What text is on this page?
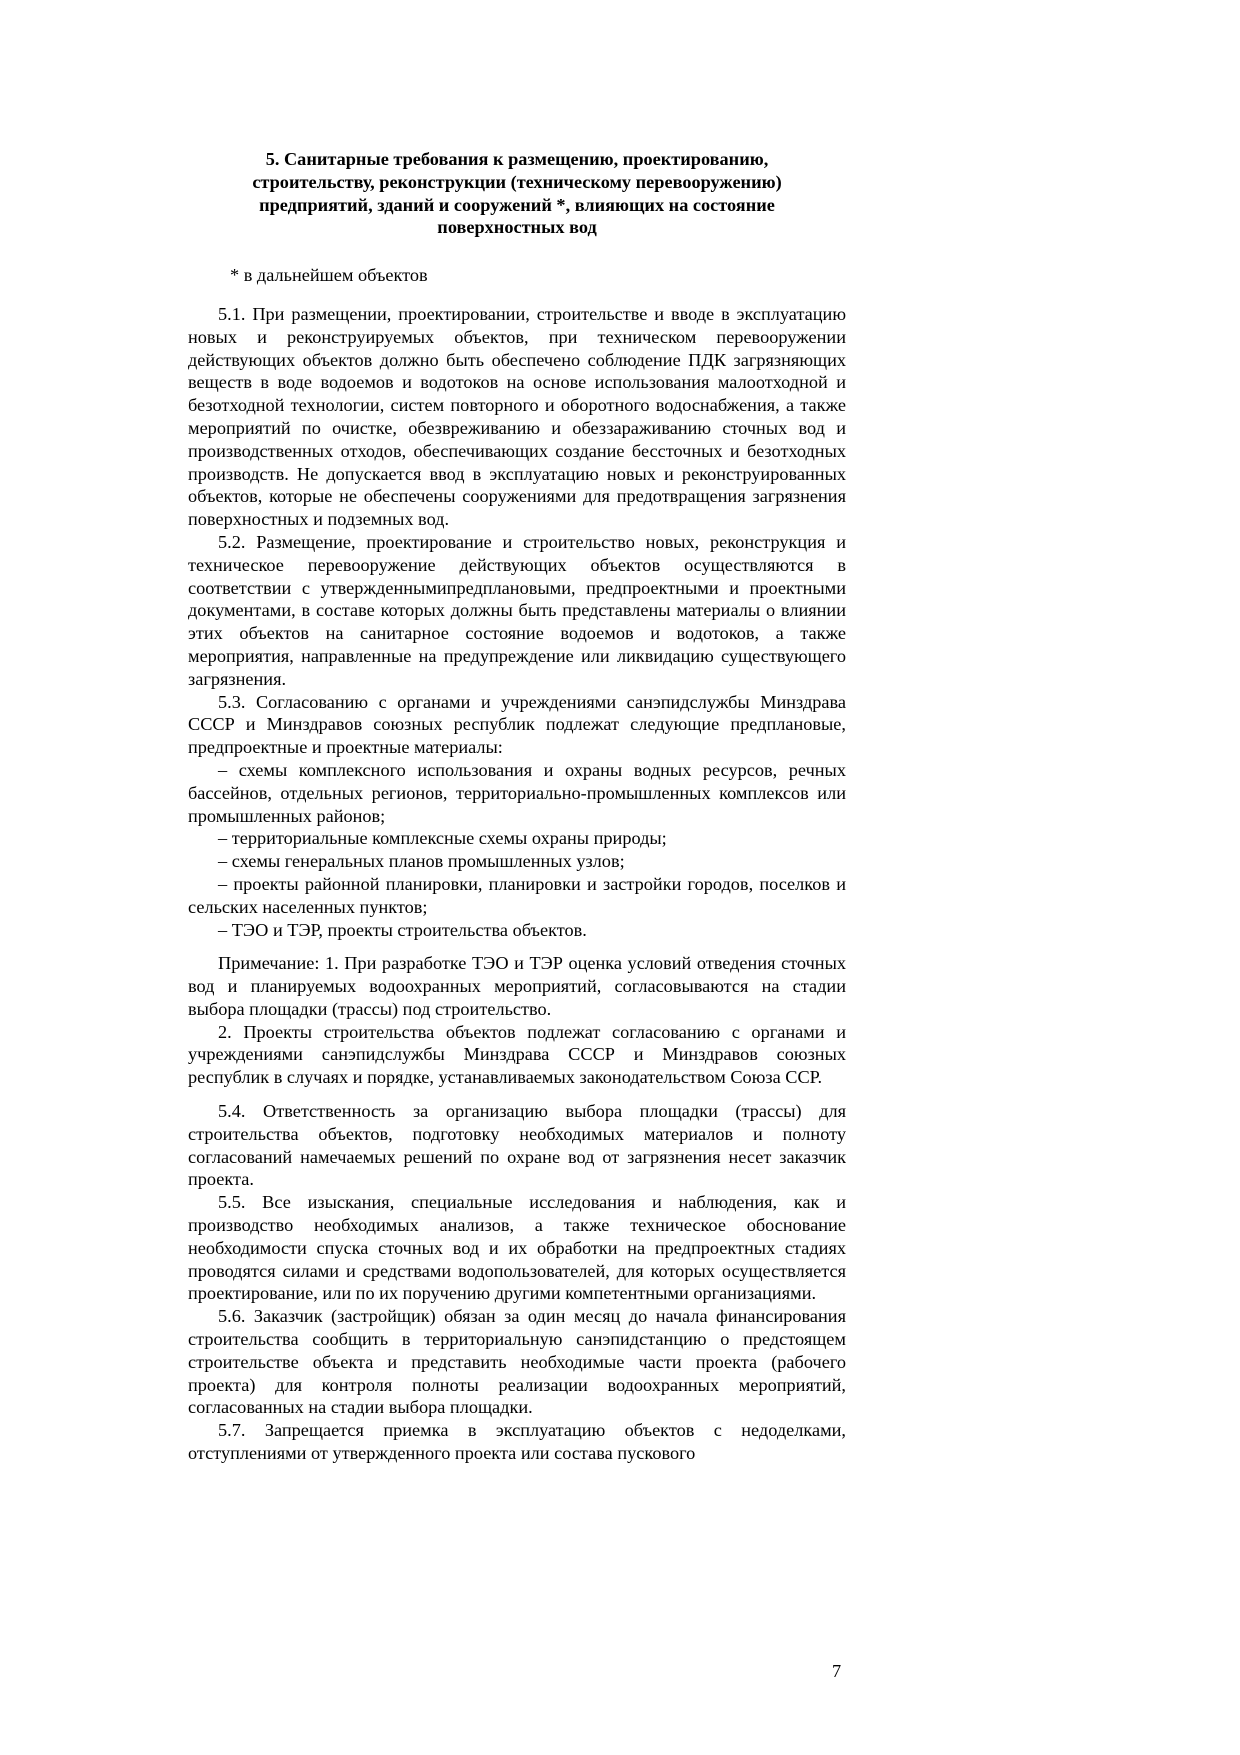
5. Санитарные требования к размещению, проектированию,
строительству, реконструкции (техническому перевооружению)
предприятий, зданий и сооружений *, влияющих на состояние
поверхностных вод

* в дальнейшем объектов

5.1. При размещении, проектировании, строительстве и вводе в эксплуатацию новых и реконструируемых объектов, при техническом перевооружении действующих объектов должно быть обеспечено соблюдение ПДК загрязняющих веществ в воде водоемов и водотоков на основе использования малоотходной и безотходной технологии, систем повторного и оборотного водоснабжения, а также мероприятий по очистке, обезвреживанию и обеззараживанию сточных вод и производственных отходов, обеспечивающих создание бессточных и безотходных производств. Не допускается ввод в эксплуатацию новых и реконструированных объектов, которые не обеспечены сооружениями для предотвращения загрязнения поверхностных и подземных вод.

5.2. Размещение, проектирование и строительство новых, реконструкция и техническое перевооружение действующих объектов осуществляются в соответствии с утвержденнымипредплановыми, предпроектными и проектными документами, в составе которых должны быть представлены материалы о влиянии этих объектов на санитарное состояние водоемов и водотоков, а также мероприятия, направленные на предупреждение или ликвидацию существующего загрязнения.

5.3. Согласованию с органами и учреждениями санэпидслужбы Минздрава СССР и Минздравов союзных республик подлежат следующие предплановые, предпроектные и проектные материалы:

– схемы комплексного использования и охраны водных ресурсов, речных бассейнов, отдельных регионов, территориально-промышленных комплексов или промышленных районов;

– территориальные комплексные схемы охраны природы;

– схемы генеральных планов промышленных узлов;

– проекты районной планировки, планировки и застройки городов, поселков и сельских населенных пунктов;

– ТЭО и ТЭР, проекты строительства объектов.

Примечание: 1. При разработке ТЭО и ТЭР оценка условий отведения сточных вод и планируемых водоохранных мероприятий, согласовываются на стадии выбора площадки (трассы) под строительство.

2. Проекты строительства объектов подлежат согласованию с органами и учреждениями санэпидслужбы Минздрава СССР и Минздравов союзных республик в случаях и порядке, устанавливаемых законодательством Союза ССР.

5.4. Ответственность за организацию выбора площадки (трассы) для строительства объектов, подготовку необходимых материалов и полноту согласований намечаемых решений по охране вод от загрязнения несет заказчик проекта.

5.5. Все изыскания, специальные исследования и наблюдения, как и производство необходимых анализов, а также техническое обоснование необходимости спуска сточных вод и их обработки на предпроектных стадиях проводятся силами и средствами водопользователей, для которых осуществляется проектирование, или по их поручению другими компетентными организациями.

5.6. Заказчик (застройщик) обязан за один месяц до начала финансирования строительства сообщить в территориальную санэпидстанцию о предстоящем строительстве объекта и представить необходимые части проекта (рабочего проекта) для контроля полноты реализации водоохранных мероприятий, согласованных на стадии выбора площадки.

5.7. Запрещается приемка в эксплуатацию объектов с недоделками, отступлениями от утвержденного проекта или состава пускового

7
